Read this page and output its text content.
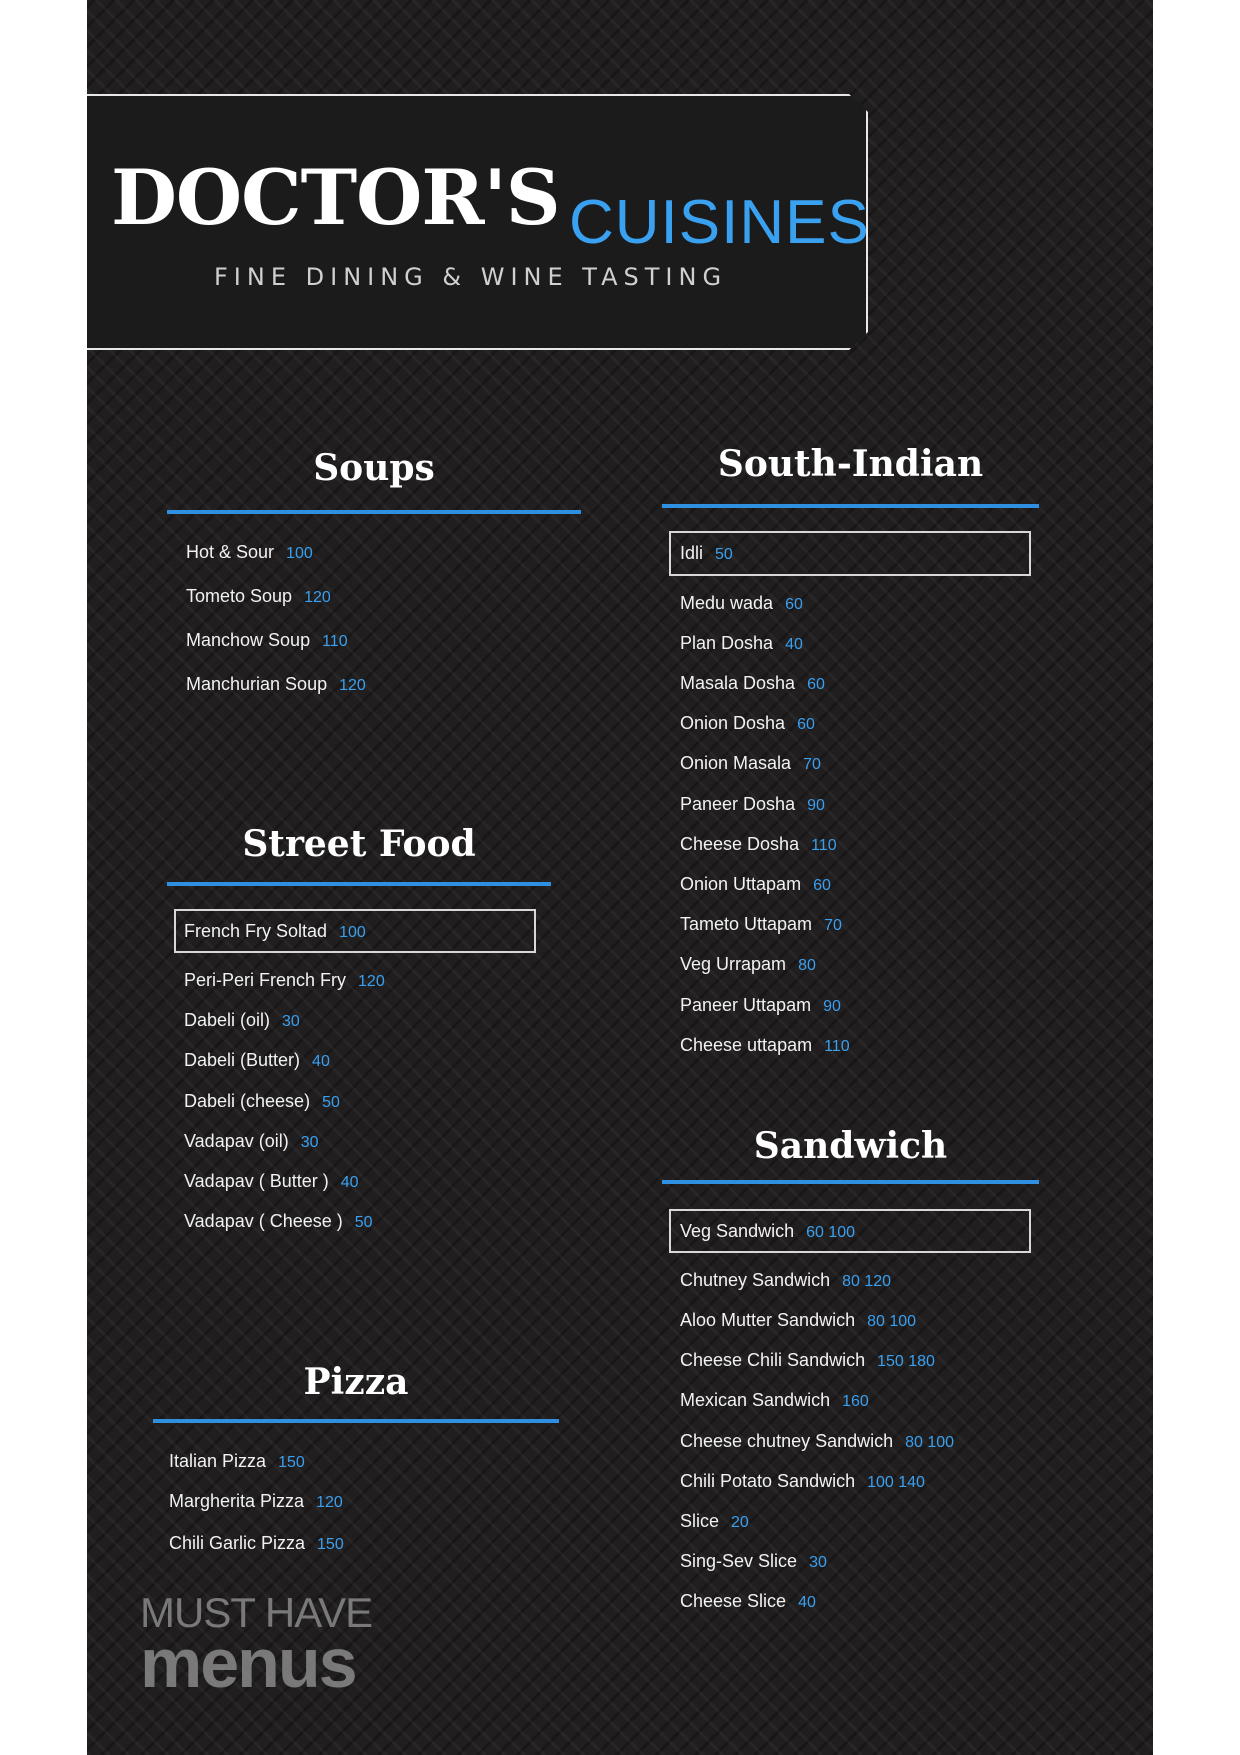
DOCTOR'S CUISINES
FINE DINING & WINE TASTING
Soups
Hot & Sour 100
Tometo Soup 120
Manchow Soup 110
Manchurian Soup 120
Street Food
French Fry Soltad 100
Peri-Peri French Fry 120
Dabeli (oil) 30
Dabeli (Butter) 40
Dabeli (cheese) 50
Vadapav (oil) 30
Vadapav ( Butter ) 40
Vadapav ( Cheese ) 50
Pizza
Italian Pizza 150
Margherita Pizza 120
Chili Garlic Pizza 150
South-Indian
Idli 50
Medu wada 60
Plan Dosha 40
Masala Dosha 60
Onion Dosha 60
Onion Masala 70
Paneer Dosha 90
Cheese Dosha 110
Onion Uttapam 60
Tameto Uttapam 70
Veg Urrapam 80
Paneer Uttapam 90
Cheese uttapam 110
Sandwich
Veg Sandwich 60 100
Chutney Sandwich 80 120
Aloo Mutter Sandwich 80 100
Cheese Chili Sandwich 150 180
Mexican Sandwich 160
Cheese chutney Sandwich 80 100
Chili Potato Sandwich 100 140
Slice 20
Sing-Sev Slice 30
Cheese Slice 40
MUST HAVE
menus
